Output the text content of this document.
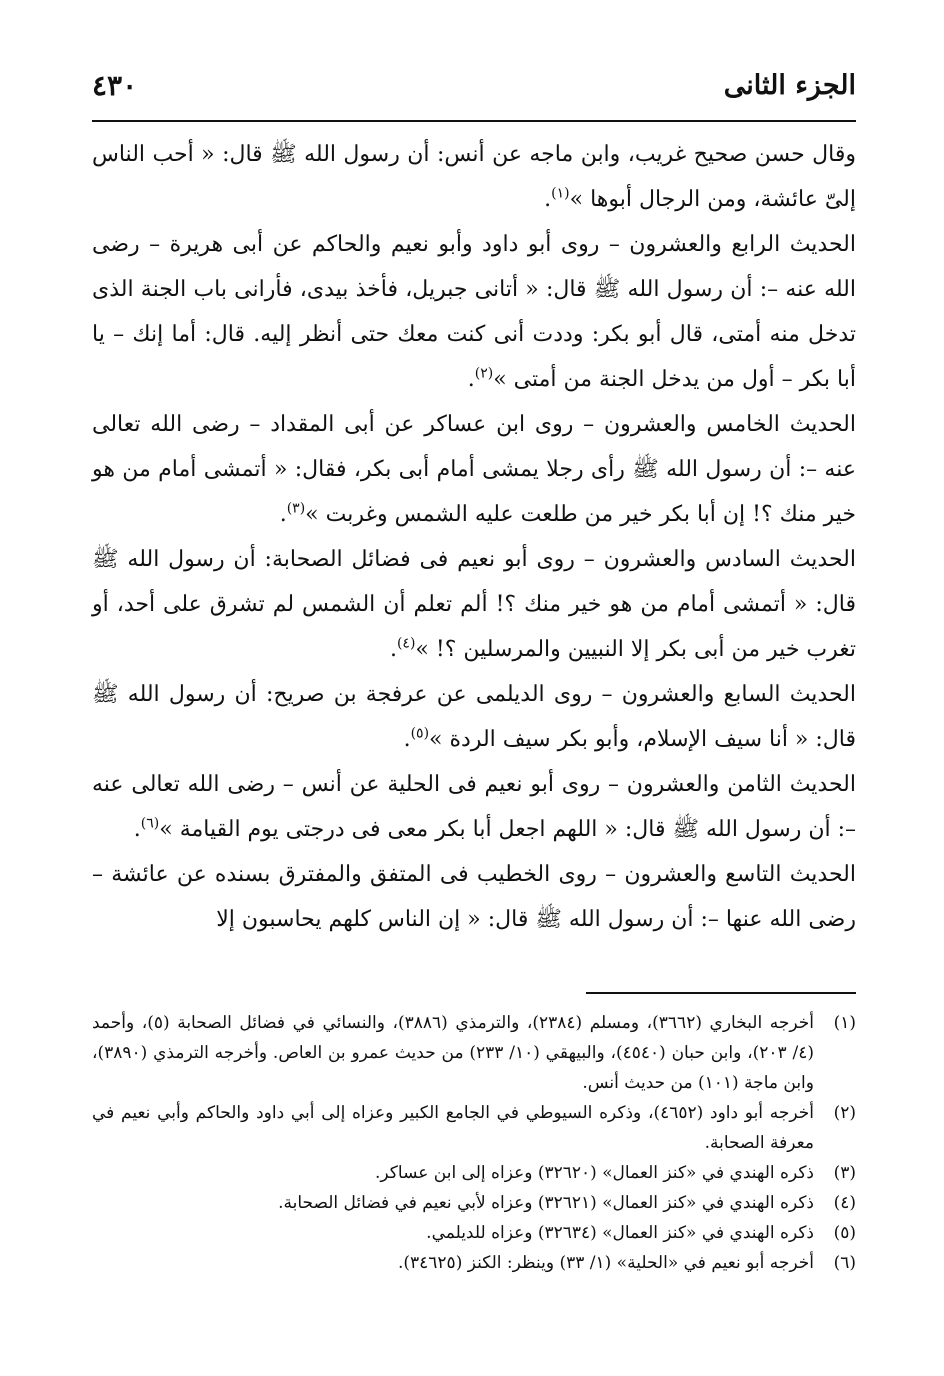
الجزء الثانى
٤٣٠

وقال حسن صحيح غريب، وابن ماجه عن أنس: أن رسول الله ﷺ قال: « أحب الناس إلىّ عائشة، ومن الرجال أبوها »$^{(١)}$.

الحديث الرابع والعشرون – روى أبو داود وأبو نعيم والحاكم عن أبى هريرة – رضى الله عنه –: أن رسول الله ﷺ قال: « أتانى جبريل، فأخذ بيدى، فأرانى باب الجنة الذى تدخل منه أمتى، قال أبو بكر: وددت أنى كنت معك حتى أنظر إليه. قال: أما إنك – يا أبا بكر – أول من يدخل الجنة من أمتى »$^{(٢)}$.

الحديث الخامس والعشرون – روى ابن عساكر عن أبى المقداد – رضى الله تعالى عنه –: أن رسول الله ﷺ رأى رجلا يمشى أمام أبى بكر، فقال: « أتمشى أمام من هو خير منك ؟! إن أبا بكر خير من طلعت عليه الشمس وغربت »$^{(٣)}$.

الحديث السادس والعشرون – روى أبو نعيم فى فضائل الصحابة: أن رسول الله ﷺ قال: « أتمشى أمام من هو خير منك ؟! ألم تعلم أن الشمس لم تشرق على أحد، أو تغرب خير من أبى بكر إلا النبيين والمرسلين ؟! »$^{(٤)}$.

الحديث السابع والعشرون – روى الديلمى عن عرفجة بن صريح: أن رسول الله ﷺ قال: « أنا سيف الإسلام، وأبو بكر سيف الردة »$^{(٥)}$.

الحديث الثامن والعشرون – روى أبو نعيم فى الحلية عن أنس – رضى الله تعالى عنه –: أن رسول الله ﷺ قال: « اللهم اجعل أبا بكر معى فى درجتى يوم القيامة »$^{(٦)}$.

الحديث التاسع والعشرون – روى الخطيب فى المتفق والمفترق بسنده عن عائشة – رضى الله عنها –: أن رسول الله ﷺ قال: « إن الناس كلهم يحاسبون إلا

(١)
أخرجه البخاري (٣٦٦٢)، ومسلم (٢٣٨٤)، والترمذي (٣٨٨٦)، والنسائي في فضائل الصحابة (٥)، وأحمد (٤/ ٢٠٣)، وابن حبان (٤٥٤٠)، والبيهقي (١٠/ ٢٣٣) من حديث عمرو بن العاص. وأخرجه الترمذي (٣٨٩٠)، وابن ماجة (١٠١) من حديث أنس.
(٢)
أخرجه أبو داود (٤٦٥٢)، وذكره السيوطي في الجامع الكبير وعزاه إلى أبي داود والحاكم وأبي نعيم في معرفة الصحابة.
(٣)
ذكره الهندي في «كنز العمال» (٣٢٦٢٠) وعزاه إلى ابن عساكر.
(٤)
ذكره الهندي في «كنز العمال» (٣٢٦٢١) وعزاه لأبي نعيم في فضائل الصحابة.
(٥)
ذكره الهندي في «كنز العمال» (٣٢٦٣٤) وعزاه للديلمي.
(٦)
أخرجه أبو نعيم في «الحلية» (١/ ٣٣) وينظر: الكنز (٣٤٦٢٥).
